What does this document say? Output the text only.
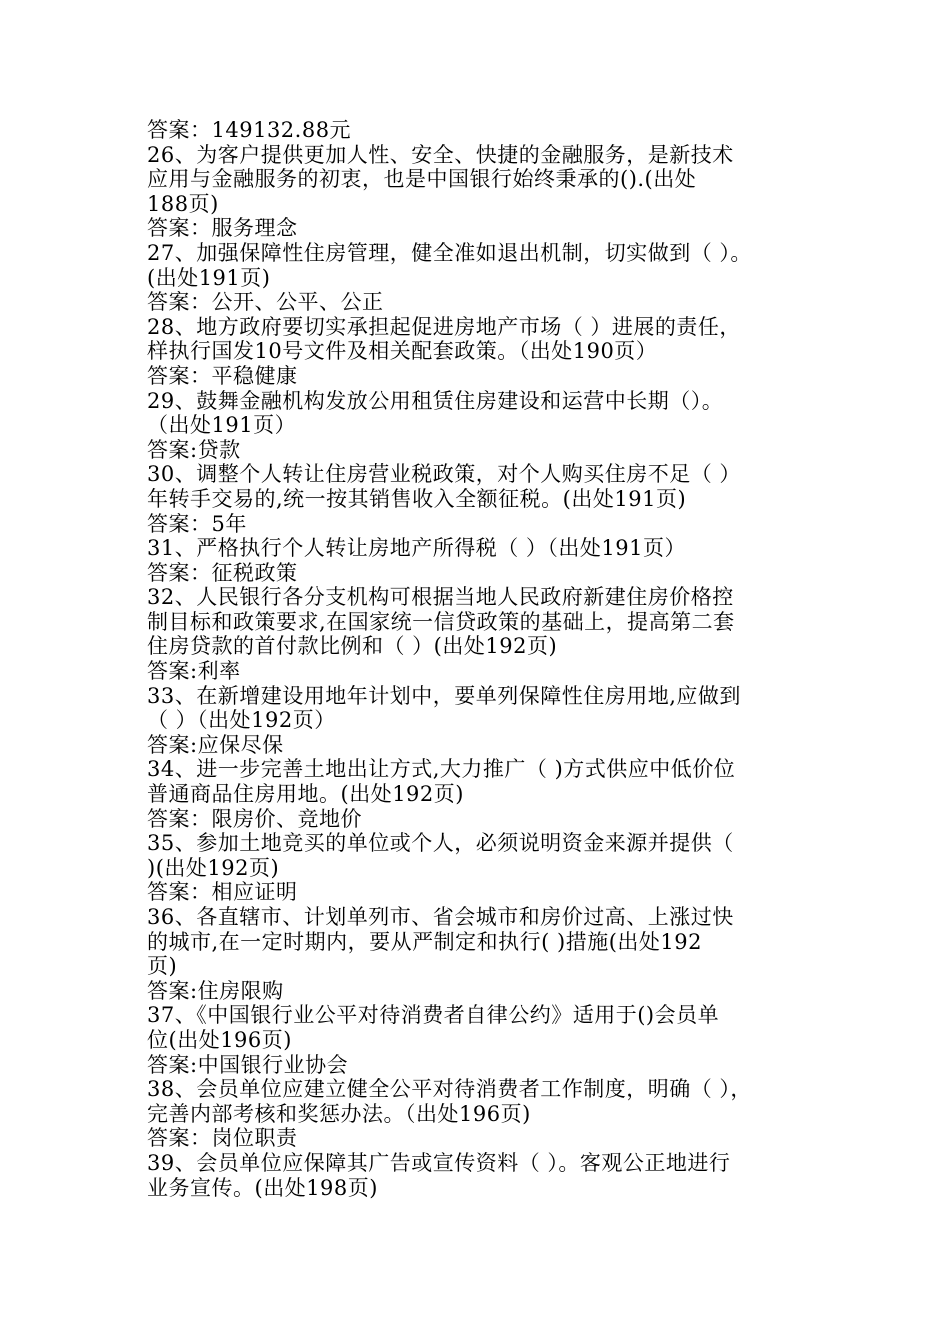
答案：149132.88元
26、为客户提供更加人性、安全、快捷的金融服务，是新技术
应用与金融服务的初衷，也是中国银行始终秉承的().(出处
188页)
答案：服务理念
27、加强保障性住房管理，健全准如退出机制，切实做到（ ）。
(出处191页)
答案：公开、公平、公正
28、地方政府要切实承担起促进房地产市场（ ）进展的责任，
样执行国发10号文件及相关配套政策。（出处190页）
答案：平稳健康
29、鼓舞金融机构发放公用租赁住房建设和运营中长期（）。
（出处191页）
答案:贷款
30、调整个人转让住房营业税政策，对个人购买住房不足（ ）
年转手交易的,统一按其销售收入全额征税。(出处191页)
答案：5年
31、严格执行个人转让房地产所得税（ ）（出处191页）
答案：征税政策
32、人民银行各分支机构可根据当地人民政府新建住房价格控
制目标和政策要求,在国家统一信贷政策的基础上，提高第二套
住房贷款的首付款比例和（ ）(出处192页)
答案:利率
33、在新增建设用地年计划中，要单列保障性住房用地,应做到
（ ）（出处192页）
答案:应保尽保
34、进一步完善土地出让方式,大力推广（ )方式供应中低价位
普通商品住房用地。(出处192页)
答案：限房价、竞地价
35、参加土地竞买的单位或个人，必须说明资金来源并提供（
)(出处192页)
答案：相应证明
36、各直辖市、计划单列市、省会城市和房价过高、上涨过快
的城市,在一定时期内，要从严制定和执行( )措施(出处192
页)
答案:住房限购
37、《中国银行业公平对待消费者自律公约》适用于()会员单
位(出处196页)
答案:中国银行业协会
38、会员单位应建立健全公平对待消费者工作制度，明确（ ），
完善内部考核和奖惩办法。（出处196页)
答案：岗位职责
39、会员单位应保障其广告或宣传资料（ ）。客观公正地进行
业务宣传。(出处198页)
